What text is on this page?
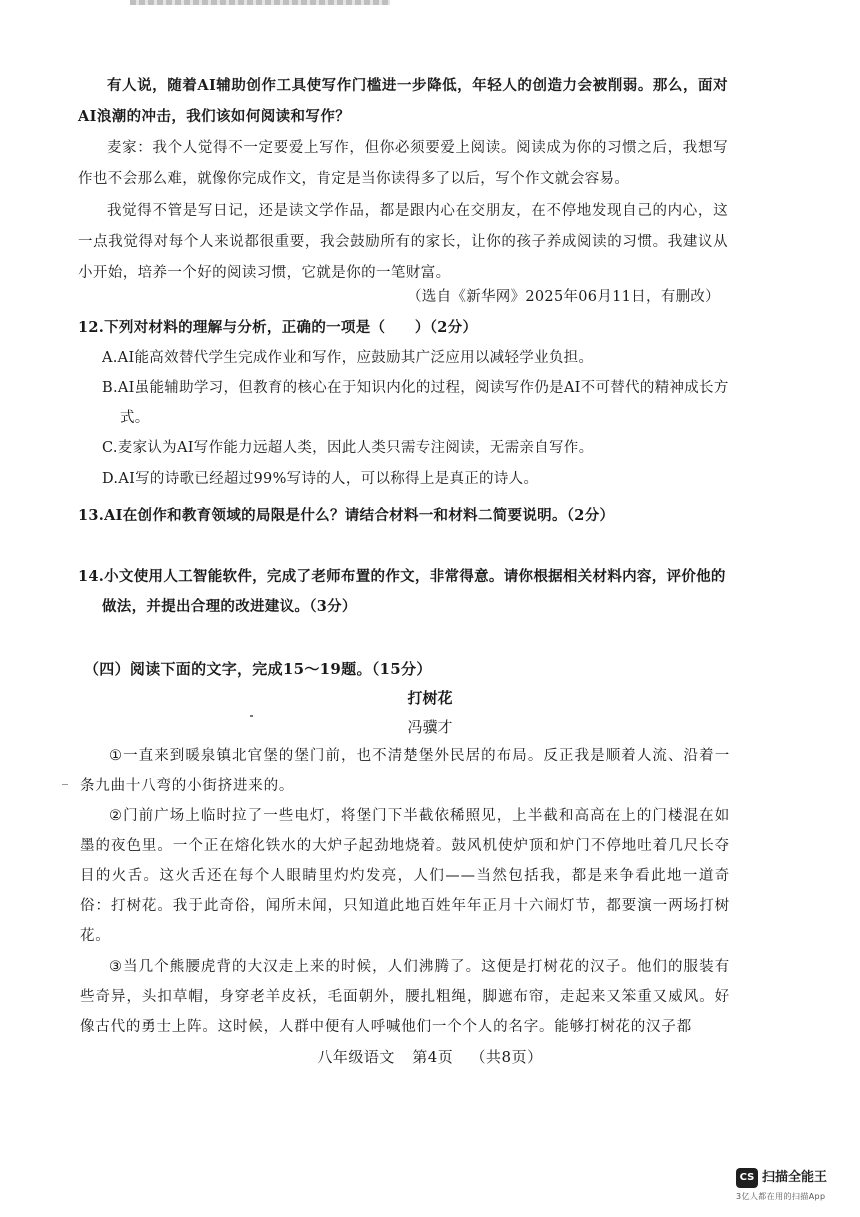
有人说，随着AI辅助创作工具使写作门槛进一步降低，年轻人的创造力会被削弱。那么，面对AI浪潮的冲击，我们该如何阅读和写作？

麦家：我个人觉得不一定要爱上写作，但你必须要爱上阅读。阅读成为你的习惯之后，我想写作也不会那么难，就像你完成作文，肯定是当你读得多了以后，写个作文就会容易。

我觉得不管是写日记，还是读文学作品，都是跟内心在交朋友，在不停地发现自己的内心，这一点我觉得对每个人来说都很重要，我会鼓励所有的家长，让你的孩子养成阅读的习惯。我建议从小开始，培养一个好的阅读习惯，它就是你的一笔财富。

（选自《新华网》2025年06月11日，有删改）

12.下列对材料的理解与分析，正确的一项是（　　）（2分）

A.AI能高效替代学生完成作业和写作，应鼓励其广泛应用以减轻学业负担。

B.AI虽能辅助学习，但教育的核心在于知识内化的过程，阅读写作仍是AI不可替代的精神成长方式。

C.麦家认为AI写作能力远超人类，因此人类只需专注阅读，无需亲自写作。

D.AI写的诗歌已经超过99%写诗的人，可以称得上是真正的诗人。

13.AI在创作和教育领域的局限是什么？请结合材料一和材料二简要说明。（2分）

14.小文使用人工智能软件，完成了老师布置的作文，非常得意。请你根据相关材料内容，评价他的做法，并提出合理的改进建议。（3分）

（四）阅读下面的文字，完成15～19题。（15分）

打树花

冯骥才

①一直来到暖泉镇北官堡的堡门前，也不清楚堡外民居的布局。反正我是顺着人流、沿着一条九曲十八弯的小街挤进来的。

②门前广场上临时拉了一些电灯，将堡门下半截依稀照见，上半截和高高在上的门楼混在如墨的夜色里。一个正在熔化铁水的大炉子起劲地烧着。鼓风机使炉顶和炉门不停地吐着几尺长夺目的火舌。这火舌还在每个人眼睛里灼灼发亮，人们——当然包括我，都是来争看此地一道奇俗：打树花。我于此奇俗，闻所未闻，只知道此地百姓年年正月十六闹灯节，都要演一两场打树花。

③当几个熊腰虎背的大汉走上来的时候，人们沸腾了。这便是打树花的汉子。他们的服装有些奇异，头扣草帽，身穿老羊皮袄，毛面朝外，腰扎粗绳，脚遮布帘，走起来又笨重又威风。好像古代的勇士上阵。这时候，人群中便有人呼喊他们一个个人的名字。能够打树花的汉子都

八年级语文 第4页 （共8页）

CS 扫描全能王
3亿人都在用的扫描App
